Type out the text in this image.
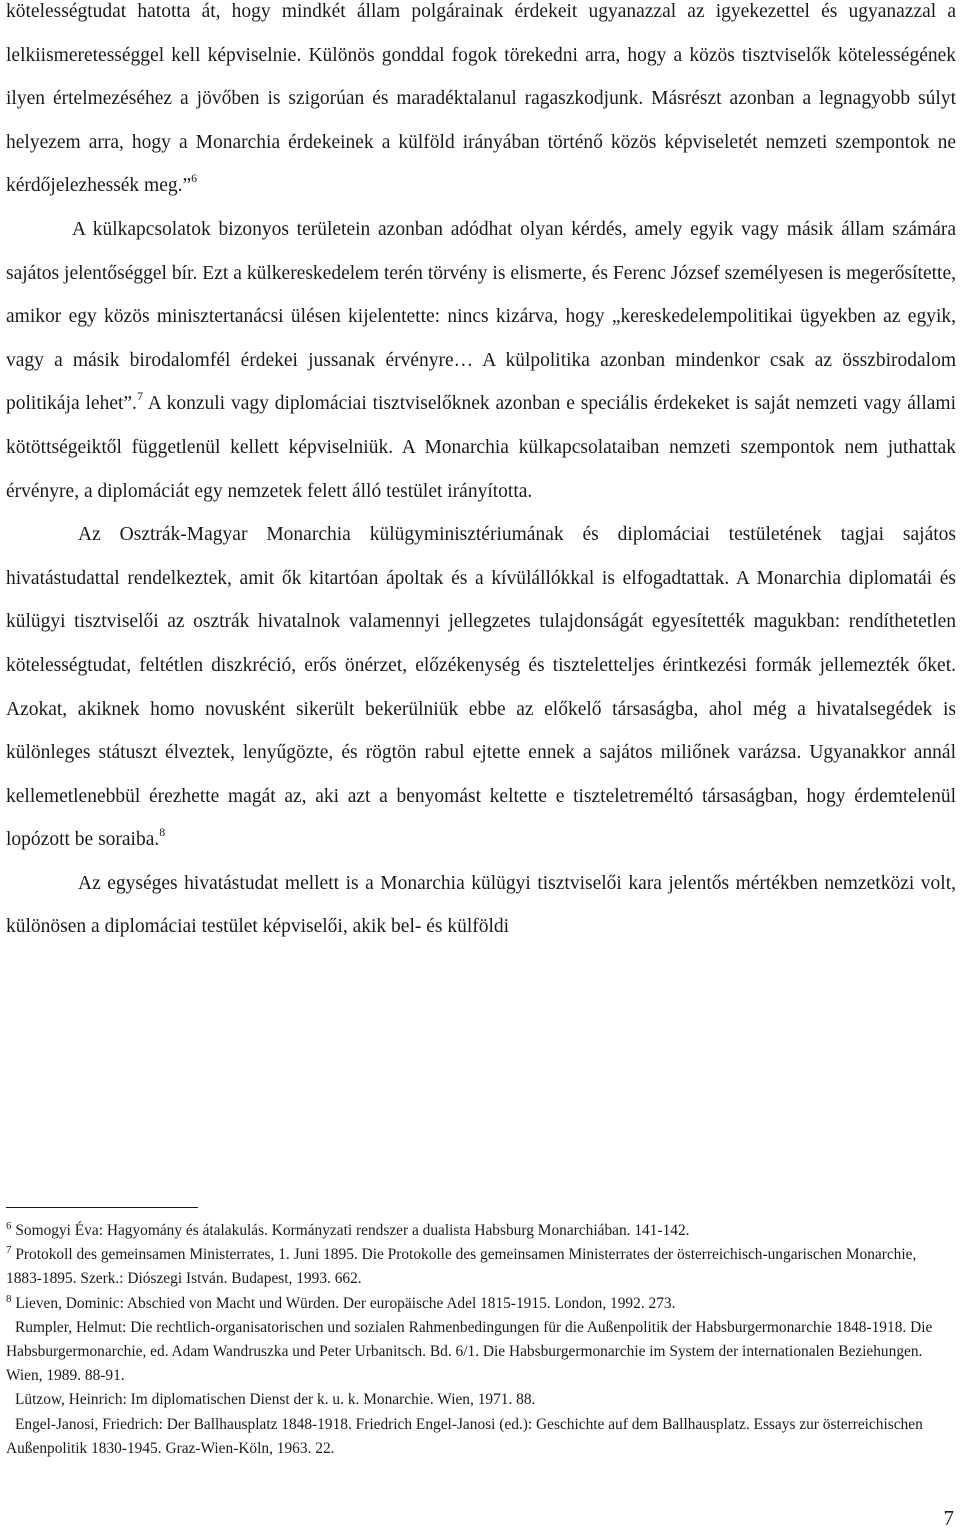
kötelességtudat hatotta át, hogy mindkét állam polgárainak érdekeit ugyanazzal az igyekezettel és ugyanazzal a lelkiismeretességgel kell képviselnie. Különös gonddal fogok törekedni arra, hogy a közös tisztviselők kötelességének ilyen értelmezéséhez a jövőben is szigorúan és maradéktalanul ragaszkodjunk. Másrészt azonban a legnagyobb súlyt helyezem arra, hogy a Monarchia érdekeinek a külföld irányában történő közös képviseletét nemzeti szempontok ne kérdőjelezhessék meg.”$^6$

A külkapcsolatok bizonyos területein azonban adódhat olyan kérdés, amely egyik vagy másik állam számára sajátos jelentőséggel bír. Ezt a külkereskedelem terén törvény is elismerte, és Ferenc József személyesen is megerősítette, amikor egy közös minisztertanácsi ülésen kijelentette: nincs kizárva, hogy „kereskedelempolitikai ügyekben az egyik, vagy a másik birodalomfél érdekei jussanak érvényre… A külpolitika azonban mindenkor csak az összbirodalom politikája lehet”.$^7$ A konzuli vagy diplomáciai tisztviselőknek azonban e speciális érdekeket is saját nemzeti vagy állami kötöttségeiktől függetlenül kellett képviselniük. A Monarchia külkapcsolataiban nemzeti szempontok nem juthattak érvényre, a diplomáciát egy nemzetek felett álló testület irányította.

Az Osztrák-Magyar Monarchia külügyminisztériumának és diplomáciai testületének tagjai sajátos hivatástudattal rendelkeztek, amit ők kitartóan ápoltak és a kívülállókkal is elfogadtattak. A Monarchia diplomatái és külügyi tisztviselői az osztrák hivatalnok valamennyi jellegzetes tulajdonságát egyesítették magukban: rendíthetetlen kötelességtudat, feltétlen diszkréció, erős önérzet, előzékenység és tiszteletteljes érintkezési formák jellemezték őket. Azokat, akiknek homo novusként sikerült bekerülniük ebbe az előkelő társaságba, ahol még a hivatalsegédek is különleges státuszt élveztek, lenyűgözte, és rögtön rabul ejtette ennek a sajátos miliőnek varázsa. Ugyanakkor annál kellemetlenebbül érezhette magát az, aki azt a benyomást keltette e tiszteletreméltó társaságban, hogy érdemtelenül lopózott be soraiba.$^8$

Az egységes hivatástudat mellett is a Monarchia külügyi tisztviselői kara jelentős mértékben nemzetközi volt, különösen a diplomáciai testület képviselői, akik bel- és külföldi

$^6$ Somogyi Éva: Hagyomány és átalakulás. Kormányzati rendszer a dualista Habsburg Monarchiában. 141-142.

$^7$ Protokoll des gemeinsamen Ministerrates, 1. Juni 1895. Die Protokolle des gemeinsamen Ministerrates der österreichisch-ungarischen Monarchie, 1883-1895. Szerk.: Diószegi István. Budapest, 1993. 662.

$^8$ Lieven, Dominic: Abschied von Macht und Würden. Der europäische Adel 1815-1915. London, 1992. 273.

Rumpler, Helmut: Die rechtlich-organisatorischen und sozialen Rahmenbedingungen für die Außenpolitik der Habsburgermonarchie 1848-1918. Die Habsburgermonarchie, ed. Adam Wandruszka und Peter Urbanitsch. Bd. 6/1. Die Habsburgermonarchie im System der internationalen Beziehungen. Wien, 1989. 88-91.

Lützow, Heinrich: Im diplomatischen Dienst der k. u. k. Monarchie. Wien, 1971. 88.

Engel-Janosi, Friedrich: Der Ballhausplatz 1848-1918. Friedrich Engel-Janosi (ed.): Geschichte auf dem Ballhausplatz. Essays zur österreichischen Außenpolitik 1830-1945. Graz-Wien-Köln, 1963. 22.

7
